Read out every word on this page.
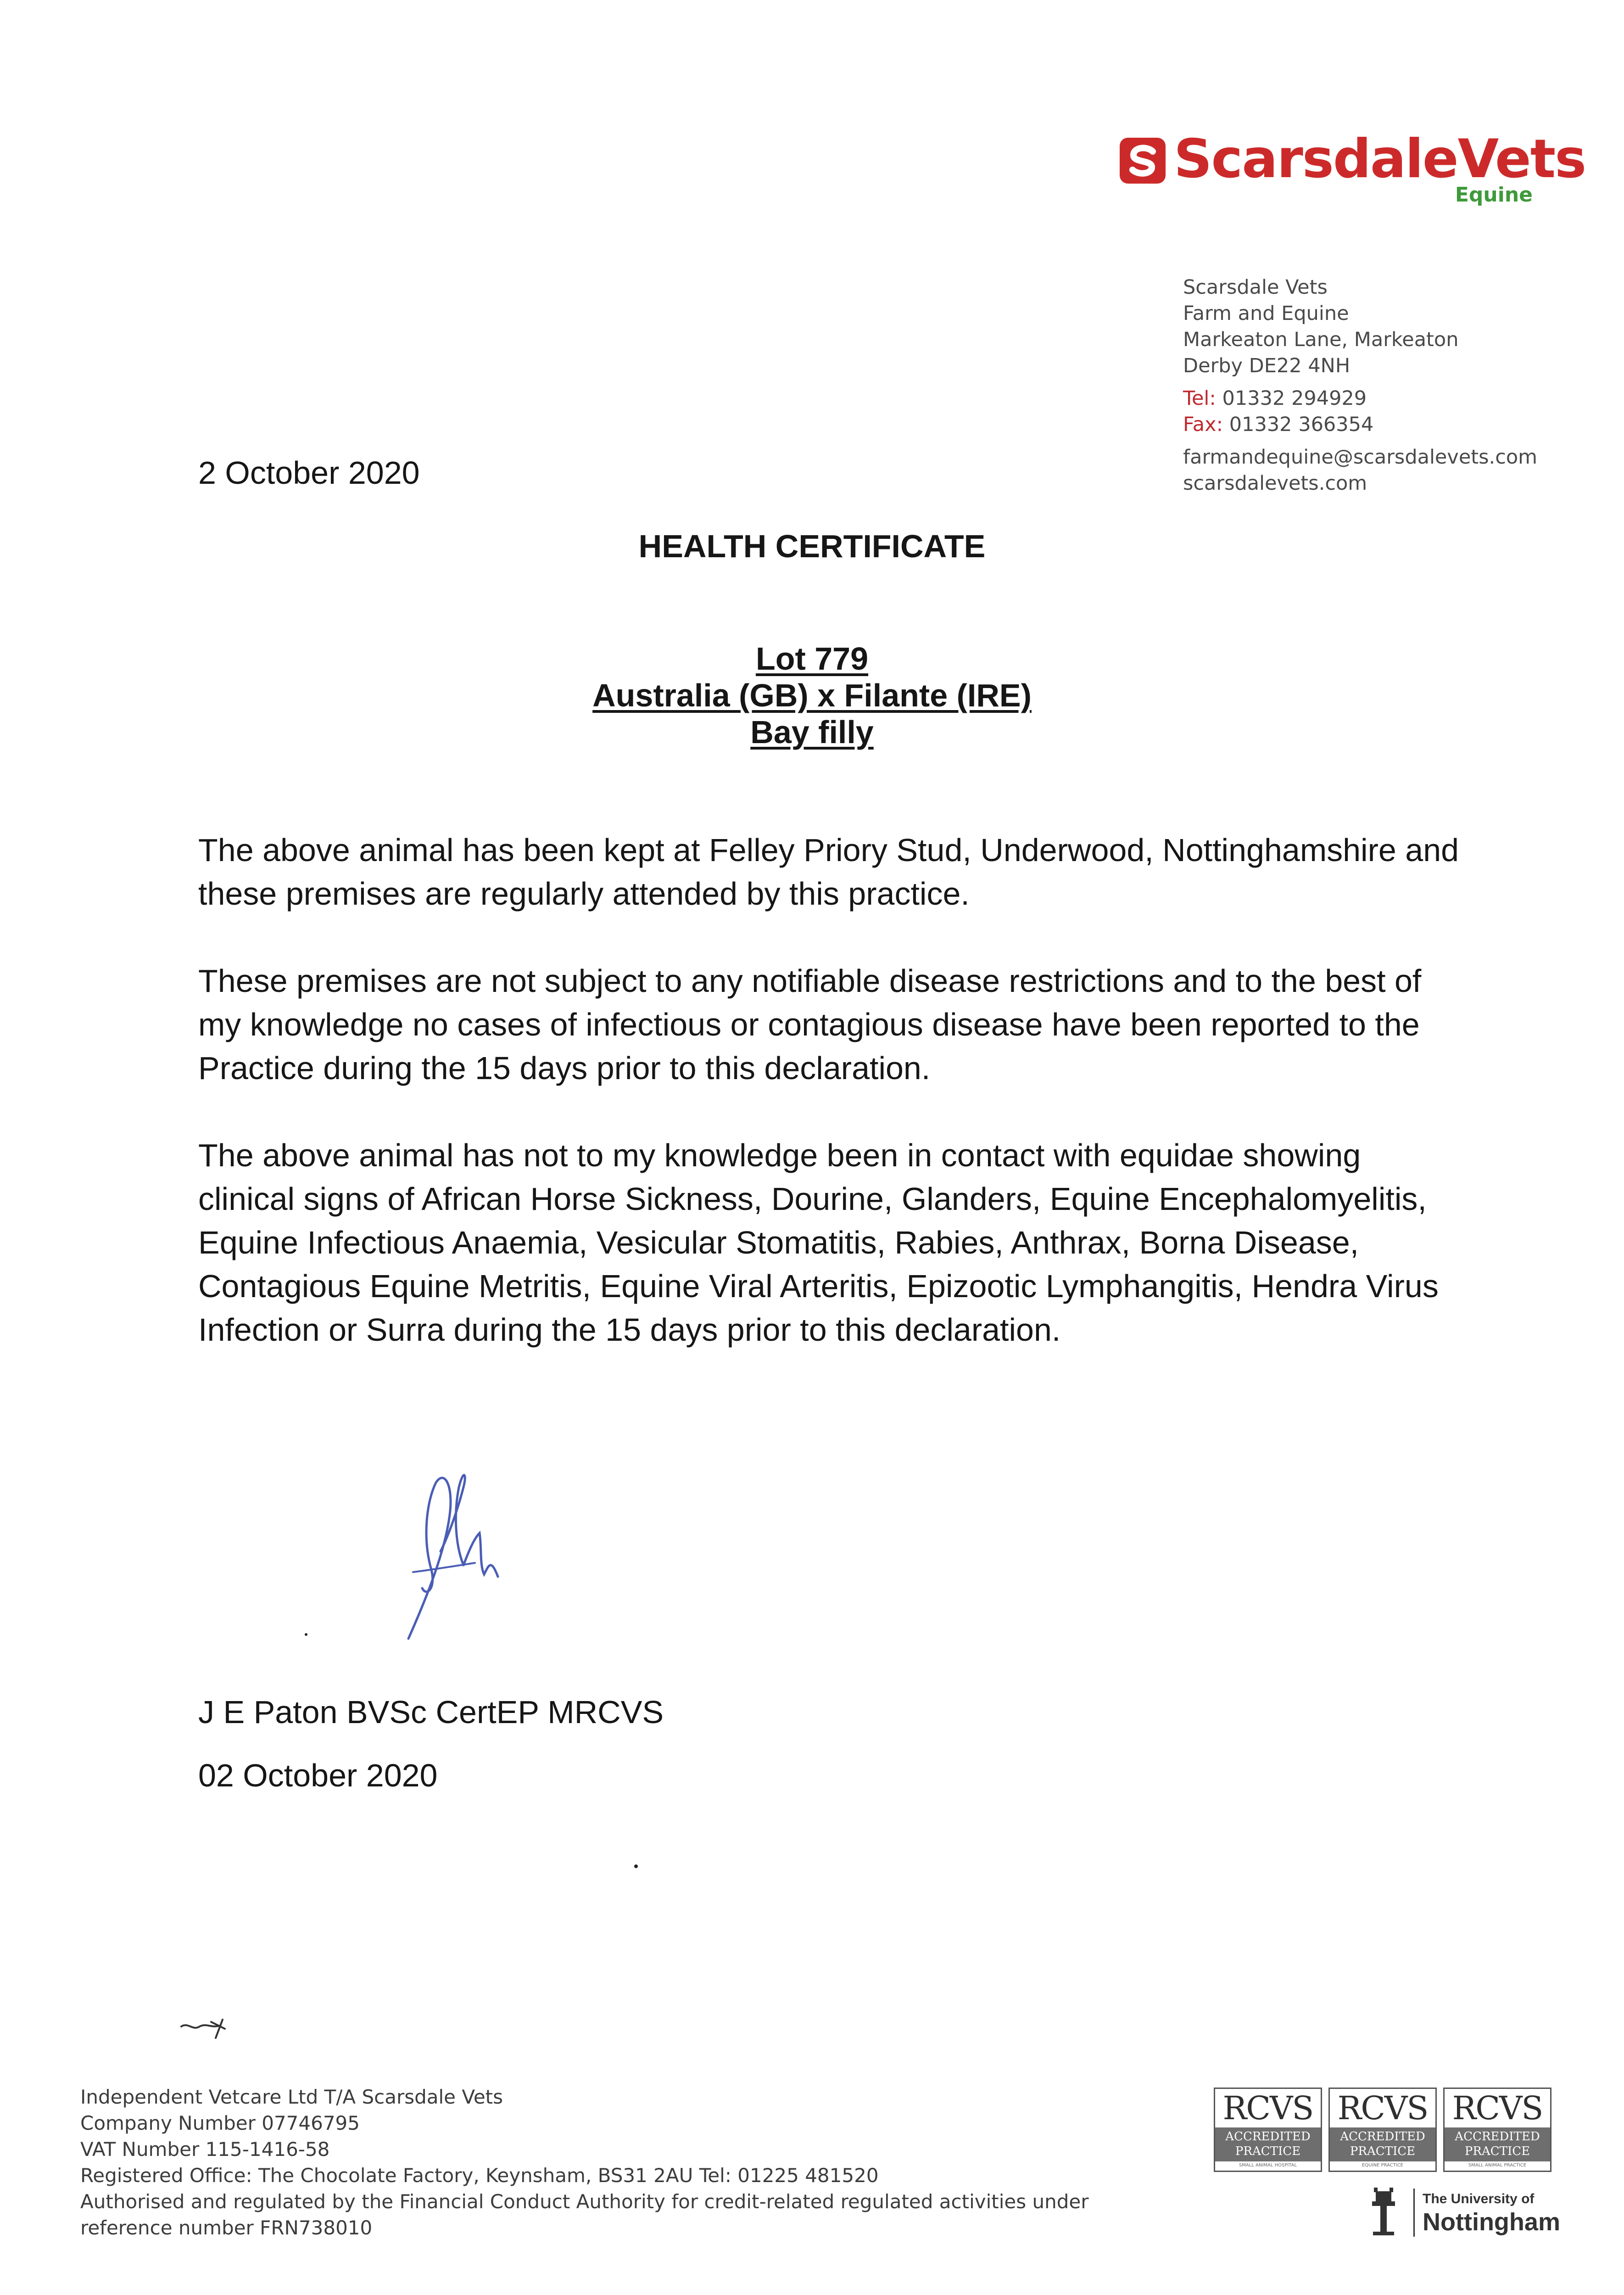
ScarsdaleVets
Equine
Scarsdale Vets
Farm and Equine
Markeaton Lane, Markeaton
Derby DE22 4NH
Tel: 01332 294929
Fax: 01332 366354
farmandequine@scarsdalevets.com
scarsdalevets.com
2 October 2020
HEALTH CERTIFICATE
Lot 779
Australia (GB) x Filante (IRE)
Bay filly
The above animal has been kept at Felley Priory Stud, Underwood, Nottinghamshire and these premises are regularly attended by this practice.
These premises are not subject to any notifiable disease restrictions and to the best of my knowledge no cases of infectious or contagious disease have been reported to the Practice during the 15 days prior to this declaration.
The above animal has not to my knowledge been in contact with equidae showing clinical signs of African Horse Sickness, Dourine, Glanders, Equine Encephalomyelitis, Equine Infectious Anaemia, Vesicular Stomatitis, Rabies, Anthrax, Borna Disease, Contagious Equine Metritis, Equine Viral Arteritis, Epizootic Lymphangitis, Hendra Virus Infection or Surra during the 15 days prior to this declaration.
J E Paton BVSc CertEP MRCVS
02 October 2020
Independent Vetcare Ltd T/A Scarsdale Vets
Company Number 07746795
VAT Number 115-1416-58
Registered Office: The Chocolate Factory, Keynsham, BS31 2AU Tel: 01225 481520
Authorised and regulated by the Financial Conduct Authority for credit-related regulated activities under
reference number FRN738010
RCVS
ACCREDITED
PRACTICE
SMALL ANIMAL HOSPITAL
RCVS
ACCREDITED
PRACTICE
EQUINE PRACTICE
RCVS
ACCREDITED
PRACTICE
SMALL ANIMAL PRACTICE
The University of
Nottingham
